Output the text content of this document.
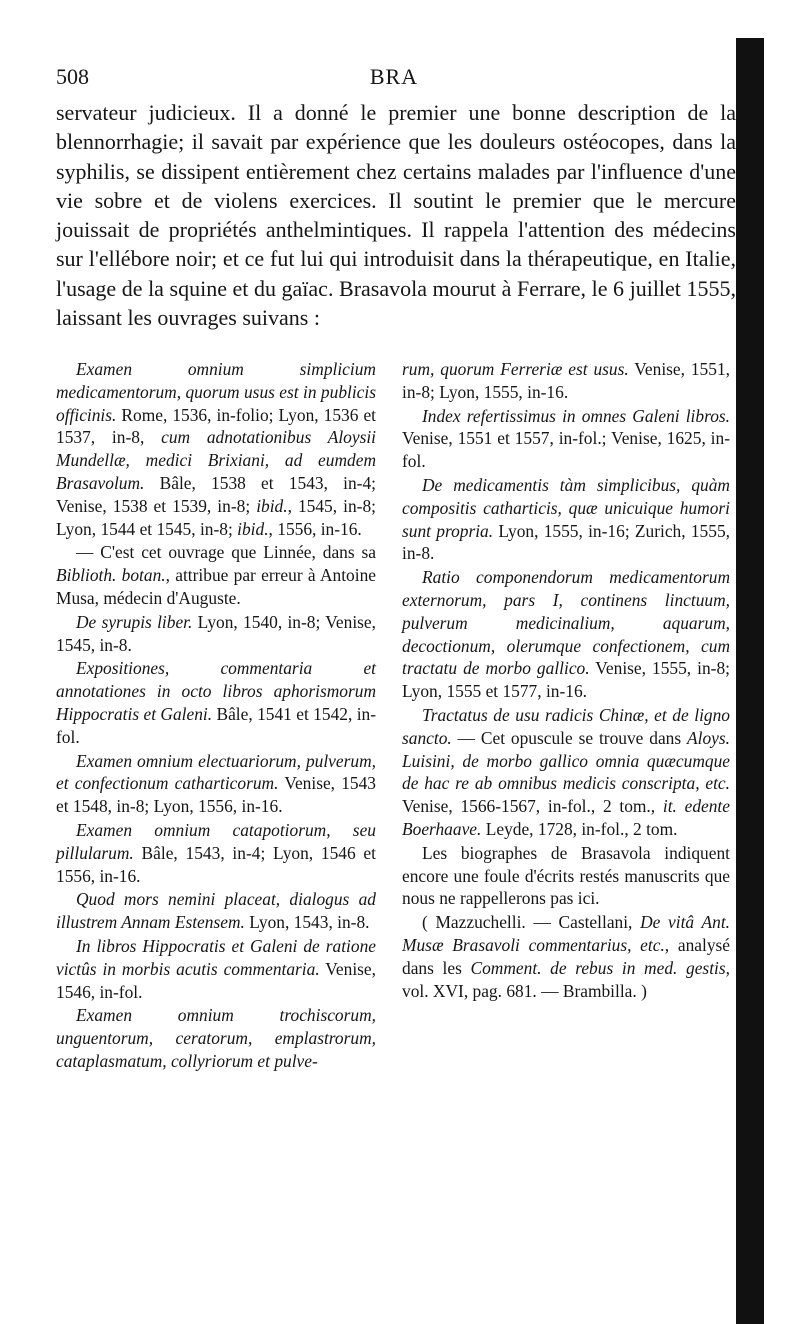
508	BRA

servateur judicieux. Il a donné le premier une bonne description de la blennorrhagie; il savait par expérience que les douleurs ostéocopes, dans la syphilis, se dissipent entièrement chez certains malades par l'influence d'une vie sobre et de violens exercices. Il soutint le premier que le mercure jouissait de propriétés anthelmintiques. Il rappela l'attention des médecins sur l'ellébore noir; et ce fut lui qui introduisit dans la thérapeutique, en Italie, l'usage de la squine et du gaïac. Brasavola mourut à Ferrare, le 6 juillet 1555, laissant les ouvrages suivans :

Examen omnium simplicium medicamentorum, quorum usus est in publicis officinis. Rome, 1536, in-folio; Lyon, 1536 et 1537, in-8, cum adnotationibus Aloysii Mundellæ, medici Brixiani, ad eumdem Brasavolum. Bâle, 1538 et 1543, in-4; Venise, 1538 et 1539, in-8; ibid., 1545, in-8; Lyon, 1544 et 1545, in-8; ibid., 1556, in-16.

— C'est cet ouvrage que Linnée, dans sa Biblioth. botan., attribue par erreur à Antoine Musa, médecin d'Auguste.

De syrupis liber. Lyon, 1540, in-8; Venise, 1545, in-8.

Expositiones, commentaria et annotationes in octo libros aphorismorum Hippocratis et Galeni. Bâle, 1541 et 1542, in-fol.

Examen omnium electuariorum, pulverum, et confectionum catharticorum. Venise, 1543 et 1548, in-8; Lyon, 1556, in-16.

Examen omnium catapotiorum, seu pillularum. Bâle, 1543, in-4; Lyon, 1546 et 1556, in-16.

Quod mors nemini placeat, dialogus ad illustrem Annam Estensem. Lyon, 1543, in-8.

In libros Hippocratis et Galeni de ratione victûs in morbis acutis commentaria. Venise, 1546, in-fol.

Examen omnium trochiscorum, unguentorum, ceratorum, emplastrorum, cataplasmatum, collyriorum et pulve-

rum, quorum Ferreriæ est usus. Venise, 1551, in-8; Lyon, 1555, in-16.

Index refertissimus in omnes Galeni libros. Venise, 1551 et 1557, in-fol.; Venise, 1625, in-fol.

De medicamentis tàm simplicibus, quàm compositis catharticis, quæ unicuique humori sunt propria. Lyon, 1555, in-16; Zurich, 1555, in-8.

Ratio componendorum medicamentorum externorum, pars I, continens linctuum, pulverum medicinalium, aquarum, decoctionum, olerumque confectionem, cum tractatu de morbo gallico. Venise, 1555, in-8; Lyon, 1555 et 1577, in-16.

Tractatus de usu radicis Chinæ, et de ligno sancto. — Cet opuscule se trouve dans Aloys. Luisini, de morbo gallico omnia quæcumque de hac re ab omnibus medicis conscripta, etc. Venise, 1566-1567, in-fol., 2 tom., it. edente Boerhaave. Leyde, 1728, in-fol., 2 tom.

Les biographes de Brasavola indiquent encore une foule d'écrits restés manuscrits que nous ne rappellerons pas ici.

( Mazzuchelli. — Castellani, De vitâ Ant. Musæ Brasavoli commentarius, etc., analysé dans les Comment. de rebus in med. gestis, vol. XVI, pag. 681. — Brambilla. )
